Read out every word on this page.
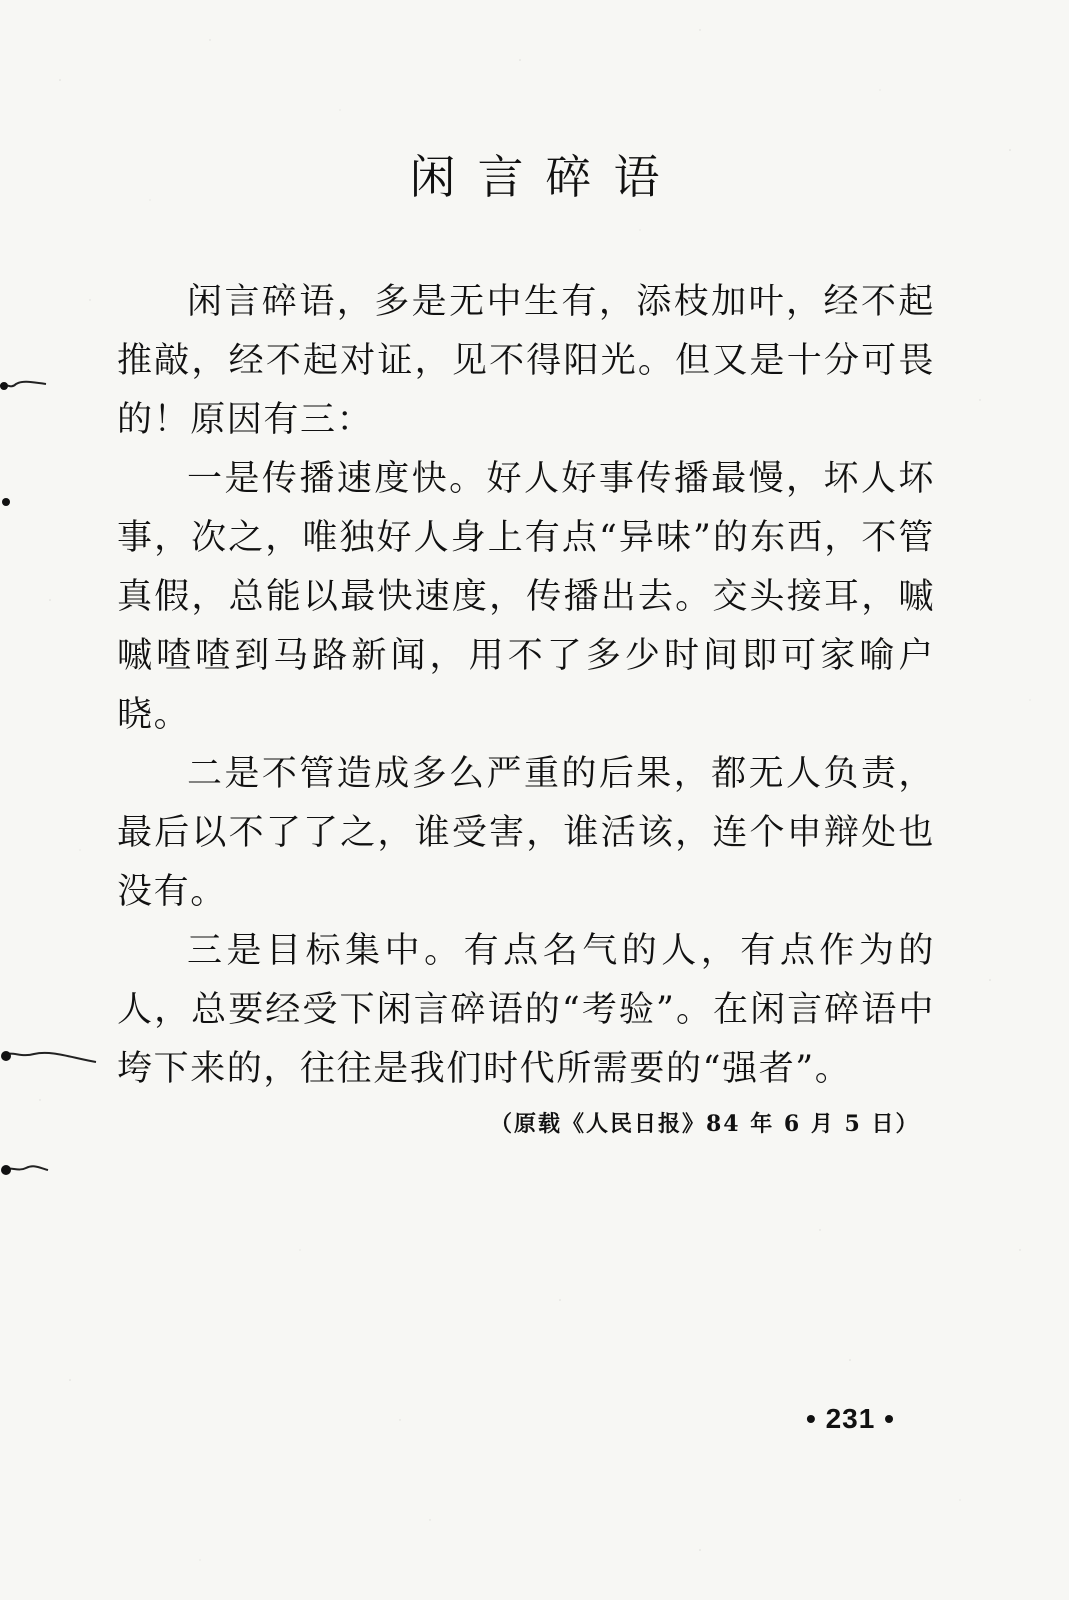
闲言碎语

闲言碎语，多是无中生有，添枝加叶，经不起推敲，经不起对证，见不得阳光。但又是十分可畏的！原因有三：

一是传播速度快。好人好事传播最慢，坏人坏事，次之，唯独好人身上有点“异味”的东西，不管真假，总能以最快速度，传播出去。交头接耳，嘁嘁喳喳到马路新闻，用不了多少时间即可家喻户晓。

二是不管造成多么严重的后果，都无人负责，最后以不了了之，谁受害，谁活该，连个申辩处也没有。

三是目标集中。有点名气的人，有点作为的人，总要经受下闲言碎语的“考验”。在闲言碎语中垮下来的，往往是我们时代所需要的“强者”。

（原载《人民日报》84 年 6 月 5 日）
• 231 •
